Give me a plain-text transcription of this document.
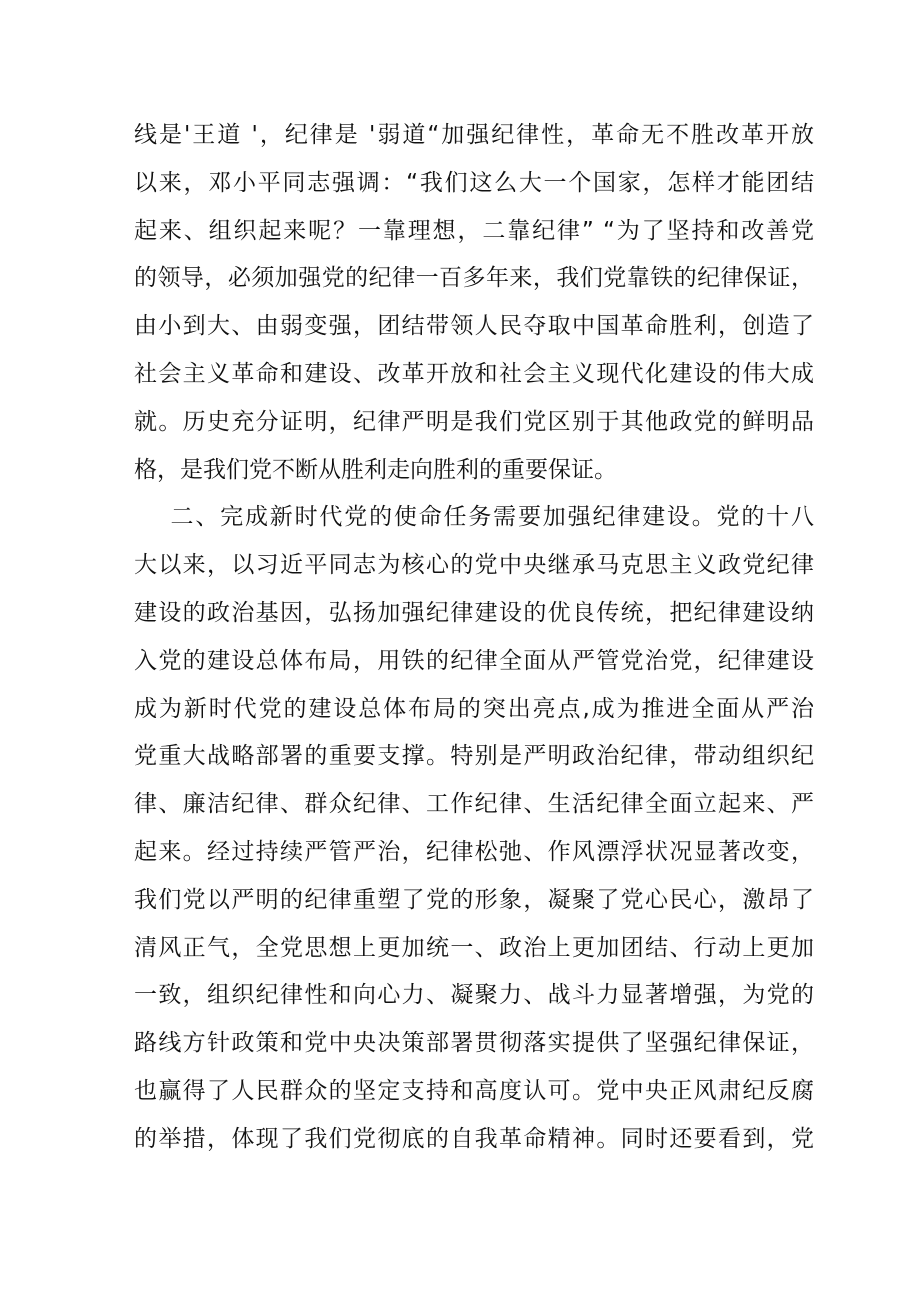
线是'王道 '，纪律是 '弱道“加强纪律性，革命无不胜改革开放
以来，邓小平同志强调：“我们这么大一个国家，怎样才能团结
起来、组织起来呢？一靠理想，二靠纪律” “为了坚持和改善党
的领导，必须加强党的纪律一百多年来，我们党靠铁的纪律保证，
由小到大、由弱变强，团结带领人民夺取中国革命胜利，创造了
社会主义革命和建设、改革开放和社会主义现代化建设的伟大成
就。历史充分证明，纪律严明是我们党区别于其他政党的鲜明品
格，是我们党不断从胜利走向胜利的重要保证。
二、完成新时代党的使命任务需要加强纪律建设。党的十八
大以来，以习近平同志为核心的党中央继承马克思主义政党纪律
建设的政治基因，弘扬加强纪律建设的优良传统，把纪律建设纳
入党的建设总体布局，用铁的纪律全面从严管党治党，纪律建设
成为新时代党的建设总体布局的突出亮点,成为推进全面从严治
党重大战略部署的重要支撑。特别是严明政治纪律，带动组织纪
律、廉洁纪律、群众纪律、工作纪律、生活纪律全面立起来、严
起来。经过持续严管严治，纪律松弛、作风漂浮状况显著改变，
我们党以严明的纪律重塑了党的形象，凝聚了党心民心，激昂了
清风正气，全党思想上更加统一、政治上更加团结、行动上更加
一致，组织纪律性和向心力、凝聚力、战斗力显著增强，为党的
路线方针政策和党中央决策部署贯彻落实提供了坚强纪律保证，
也赢得了人民群众的坚定支持和高度认可。党中央正风肃纪反腐
的举措，体现了我们党彻底的自我革命精神。同时还要看到，党
